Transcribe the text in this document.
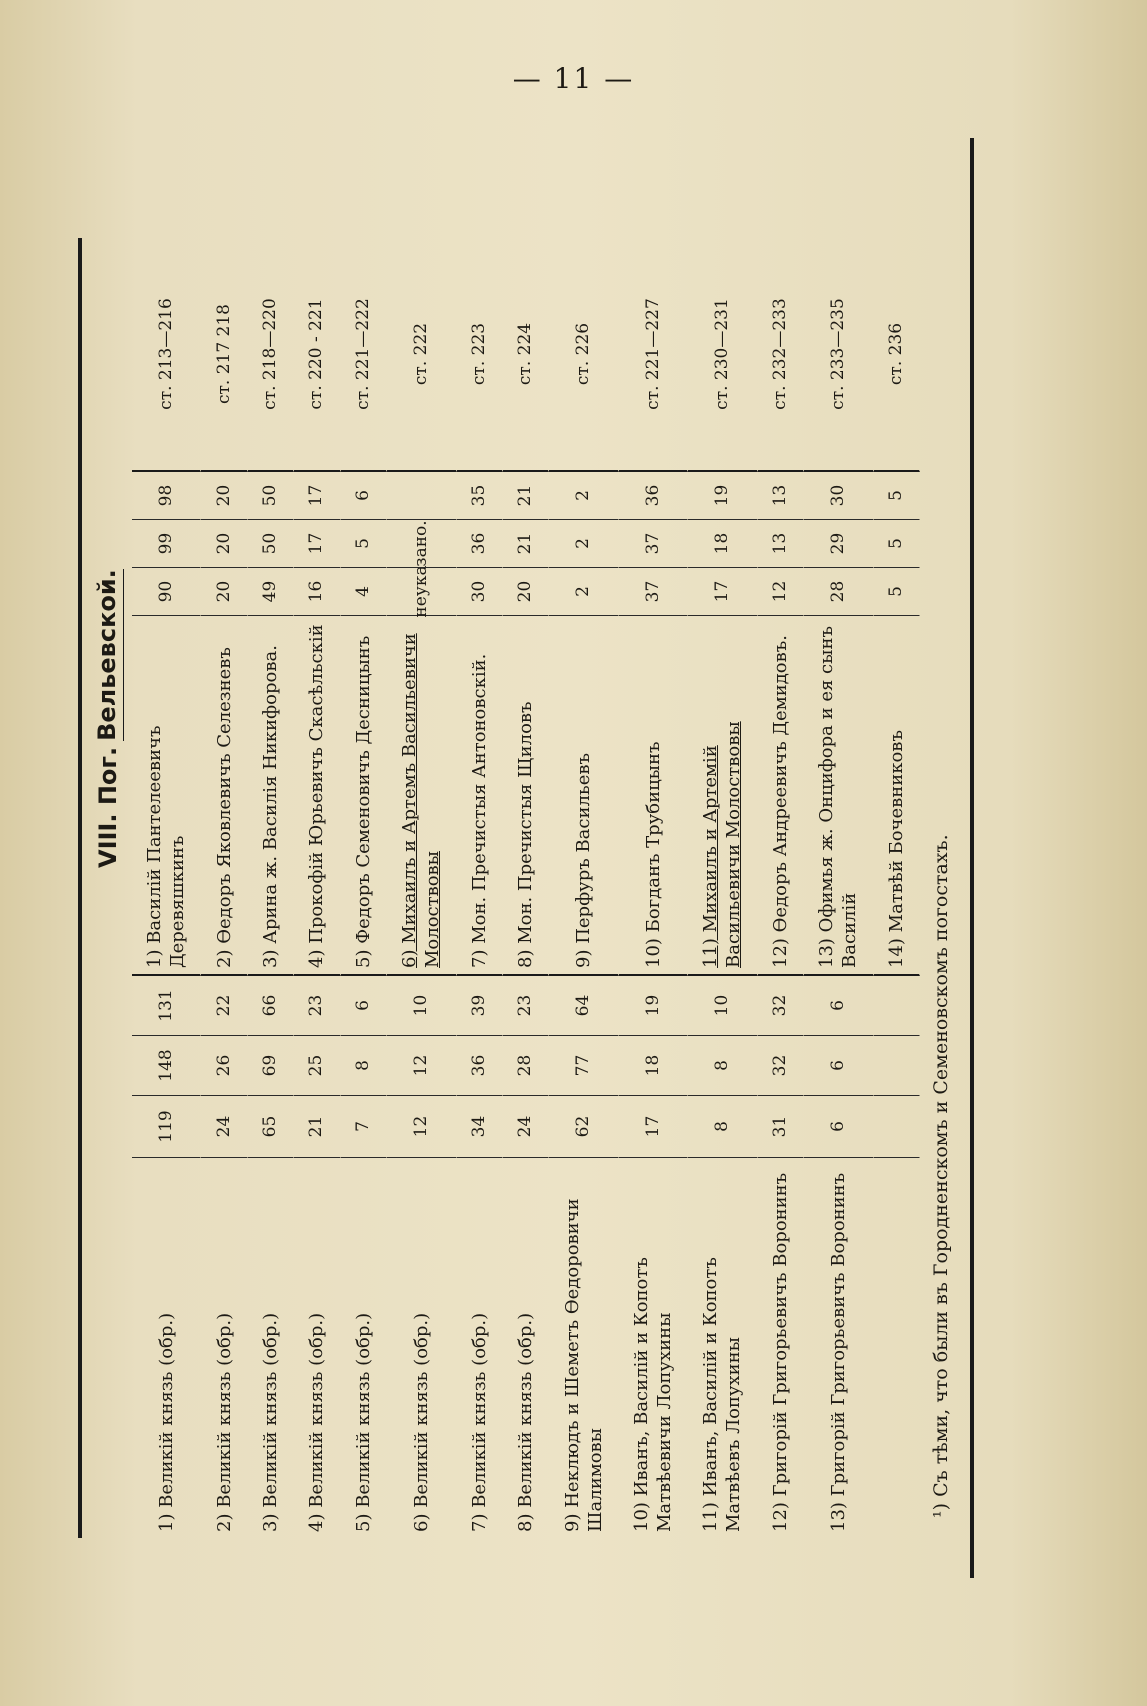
— 11 —
VIII. Пог.
Вельевской.
1) Великій князь (обр.)
119
148
131
1) Василій Пантелеевичъ Деревяшкинъ
90
99
98
ст. 213—216
2) Великій князь (обр.)
24
26
22
2) Ѳедоръ Яковлевичъ Селезневъ
20
20
20
ст. 217 218
3) Великій князь (обр.)
65
69
66
3) Арина ж. Василія Никифорова.
49
50
50
ст. 218—220
4) Великій князь (обр.)
21
25
23
4) Прокофій Юрьевичъ Скасѣльскій
16
17
17
ст. 220 - 221
5) Великій князь (обр.)
7
8
6
5) Федоръ Семеновичъ Десницынъ
4
5
6
ст. 221—222
6) Великій князь (обр.)
12
12
10
6) Михаилъ и Артемъ Васильевичи Молоствовы
неука
зано.
ст. 222
7) Великій князь (обр.)
34
36
39
7) Мон. Пречистыя Антоновскій.
30
36
35
ст. 223
8) Великій князь (обр.)
24
28
23
8) Мон. Пречистыя Щиловъ
20
21
21
ст. 224
9) Неклюдъ и Шеметъ Ѳедоровичи Шалимовы
62
77
64
9) Перфуръ Васильевъ
2
2
2
ст. 226
10) Иванъ, Василій и Копотъ Матвѣевичи Лопухины
17
18
19
10) Богданъ Трубицынъ
37
37
36
ст. 221—227
11) Иванъ, Василій и Копотъ Матвѣевъ Лопухины
8
8
10
11) Михаилъ и Артемій Васильевичи Молоствовы
17
18
19
ст. 230—231
12) Григорій Григорьевичъ Воронинъ
31
32
32
12) Ѳедоръ Андреевичъ Демидовъ.
12
13
13
ст. 232—233
13) Григорій Григорьевичъ Воронинъ
6
6
6
13) Офимья ж. Онцифора и ея сынъ Василій
28
29
30
ст. 233—235
14) Матвѣй Бочевниковъ
5
5
5
ст. 236
¹) Съ тѣми, что были въ Городненскомъ и Семеновскомъ погостахъ.
